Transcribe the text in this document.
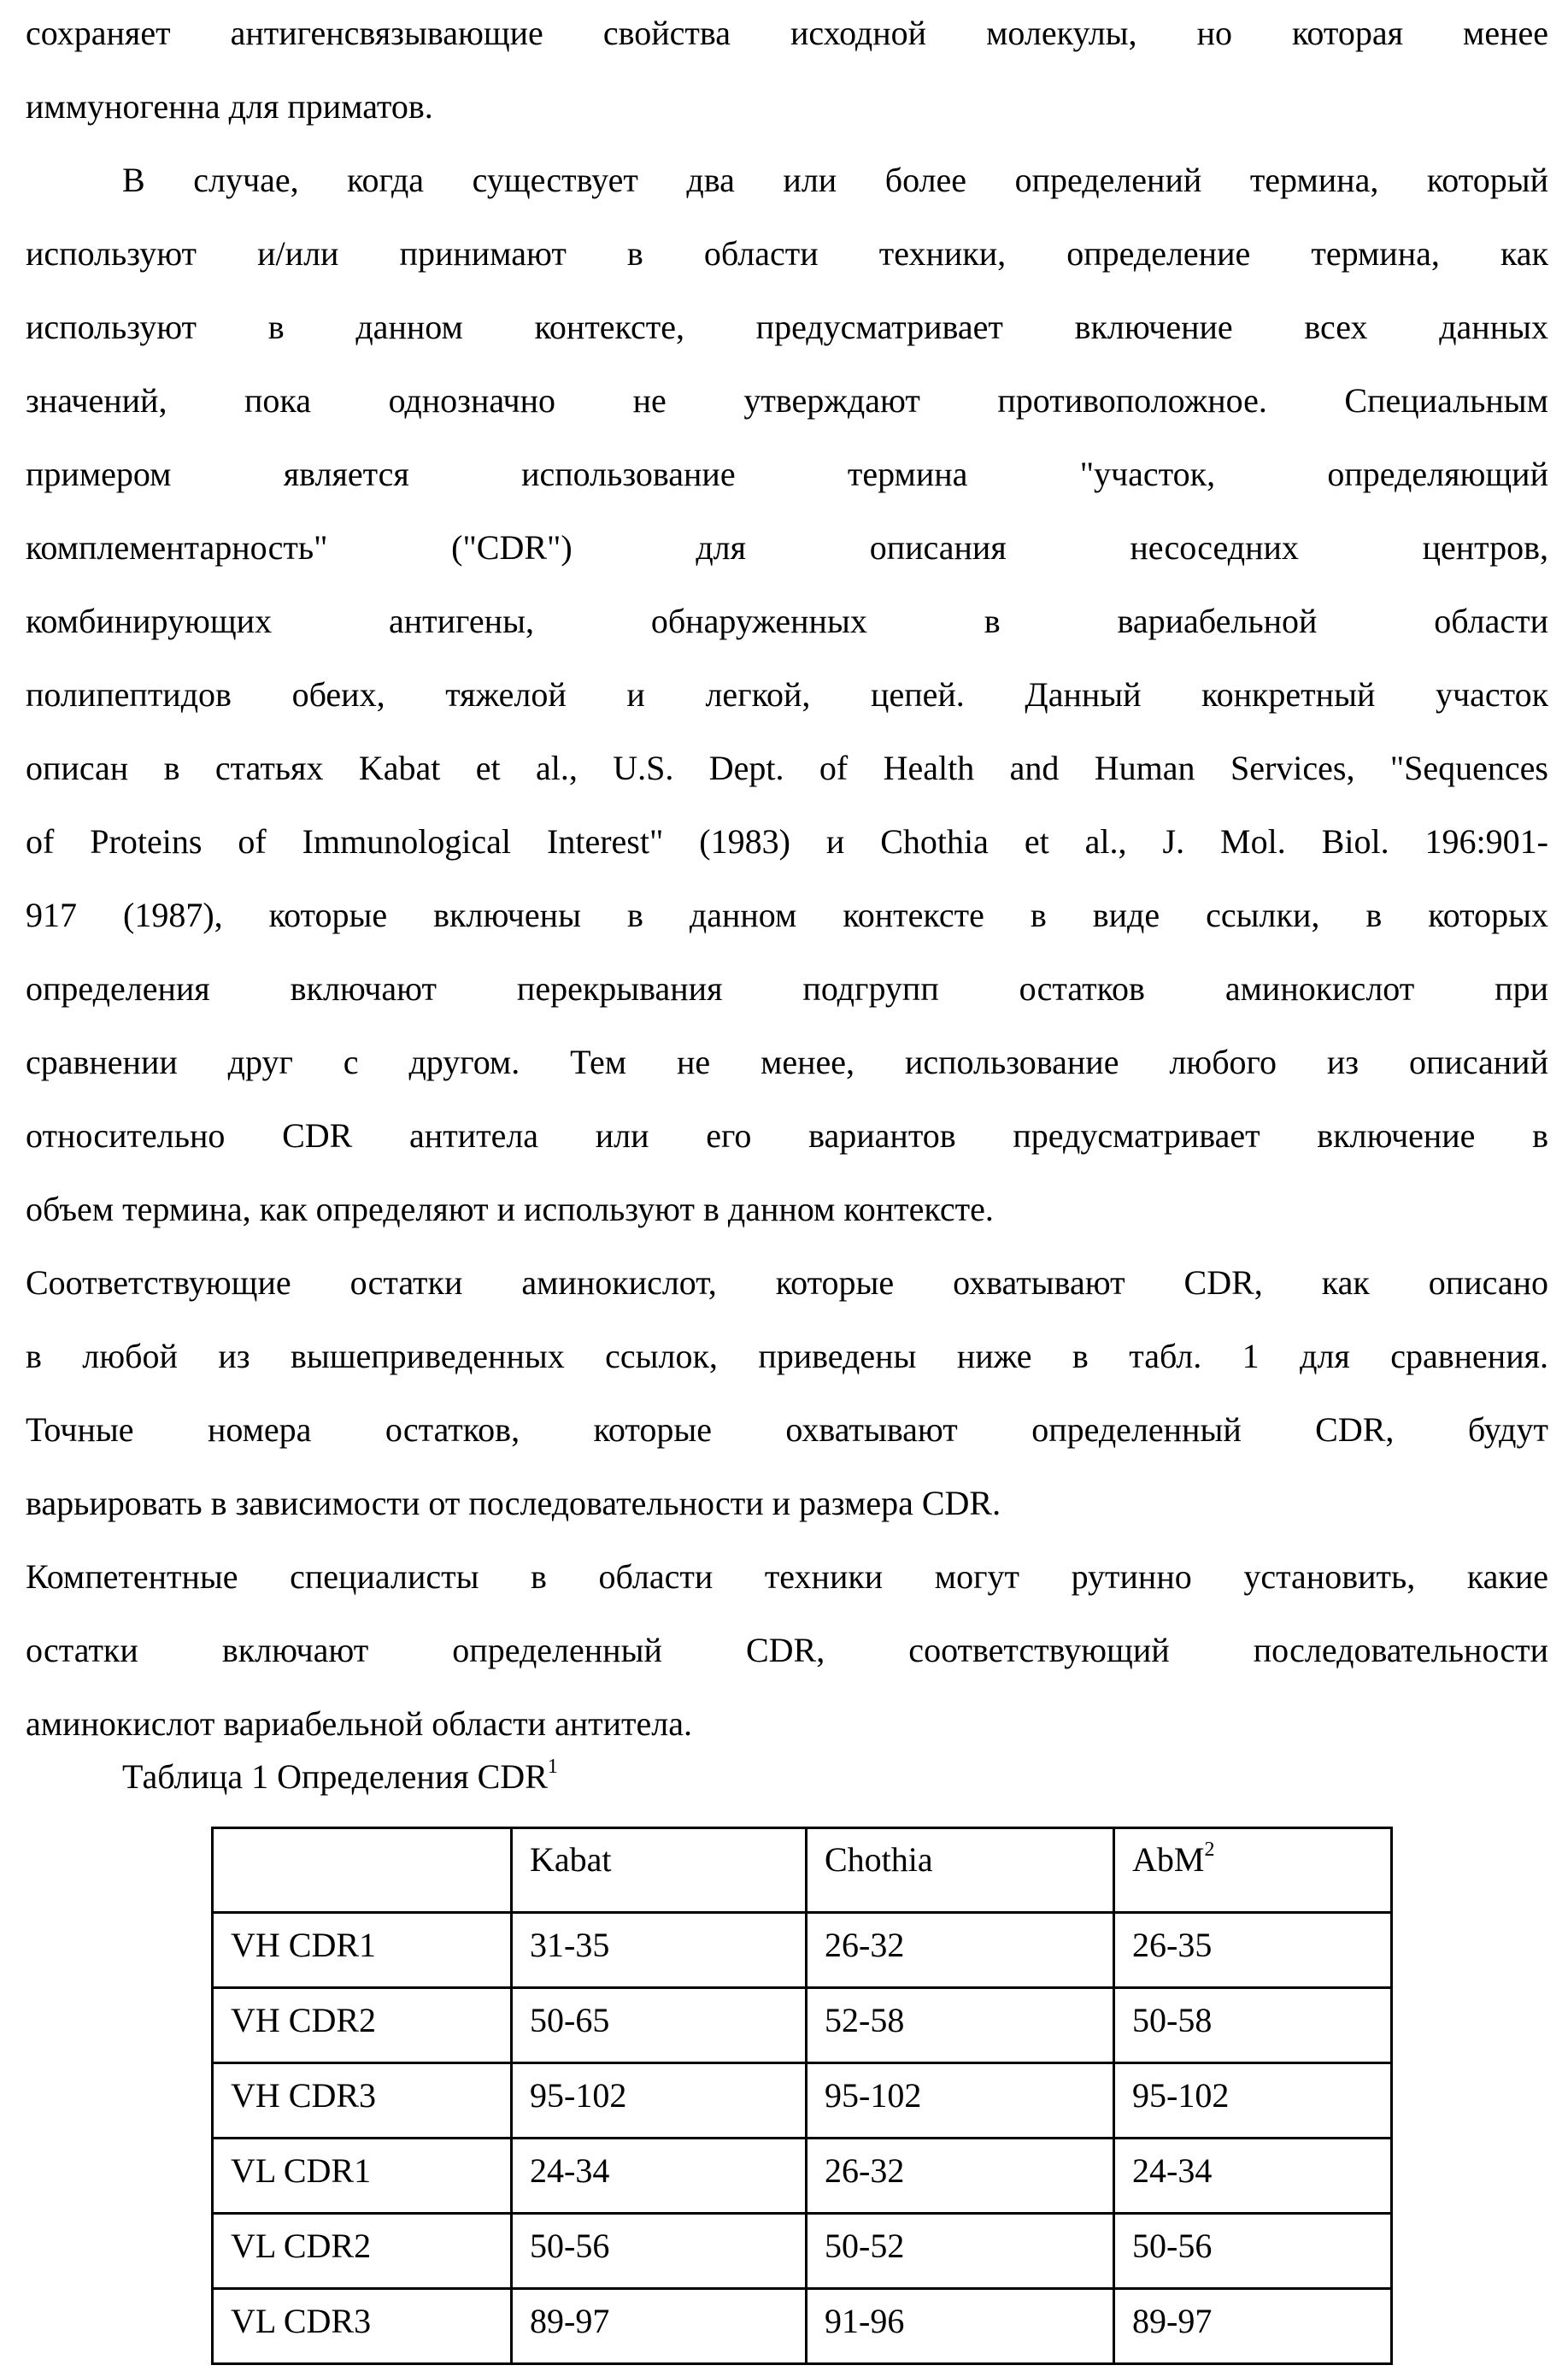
сохраняет антигенсвязывающие свойства исходной молекулы, но которая менее
иммуногенна для приматов.
В случае, когда существует два или более определений термина, который
используют и/или принимают в области техники, определение термина, как
используют в данном контексте, предусматривает включение всех данных
значений, пока однозначно не утверждают противоположное. Специальным
примером является использование термина "участок, определяющий
комплементарность" ("CDR") для описания несоседних центров,
комбинирующих антигены, обнаруженных в вариабельной области
полипептидов обеих, тяжелой и легкой, цепей. Данный конкретный участок
описан в статьях Kabat et al., U.S. Dept. of Health and Human Services, "Sequences
of Proteins of Immunological Interest" (1983) и Chothia et al., J. Mol. Biol. 196:901-
917 (1987), которые включены в данном контексте в виде ссылки, в которых
определения включают перекрывания подгрупп остатков аминокислот при
сравнении друг с другом. Тем не менее, использование любого из описаний
относительно CDR антитела или его вариантов предусматривает включение в
объем термина, как определяют и используют в данном контексте.
Соответствующие остатки аминокислот, которые охватывают CDR, как описано
в любой из вышеприведенных ссылок, приведены ниже в табл. 1 для сравнения.
Точные номера остатков, которые охватывают определенный CDR, будут
варьировать в зависимости от последовательности и размера CDR.
Компетентные специалисты в области техники могут рутинно установить, какие
остатки включают определенный CDR, соответствующий последовательности
аминокислот вариабельной области антитела.
Таблица 1 Определения CDR$^1$
	Kabat	Chothia	AbM$^2$
VH CDR1	31-35	26-32	26-35
VH CDR2	50-65	52-58	50-58
VH CDR3	95-102	95-102	95-102
VL CDR1	24-34	26-32	24-34
VL CDR2	50-56	50-52	50-56
VL CDR3	89-97	91-96	89-97
